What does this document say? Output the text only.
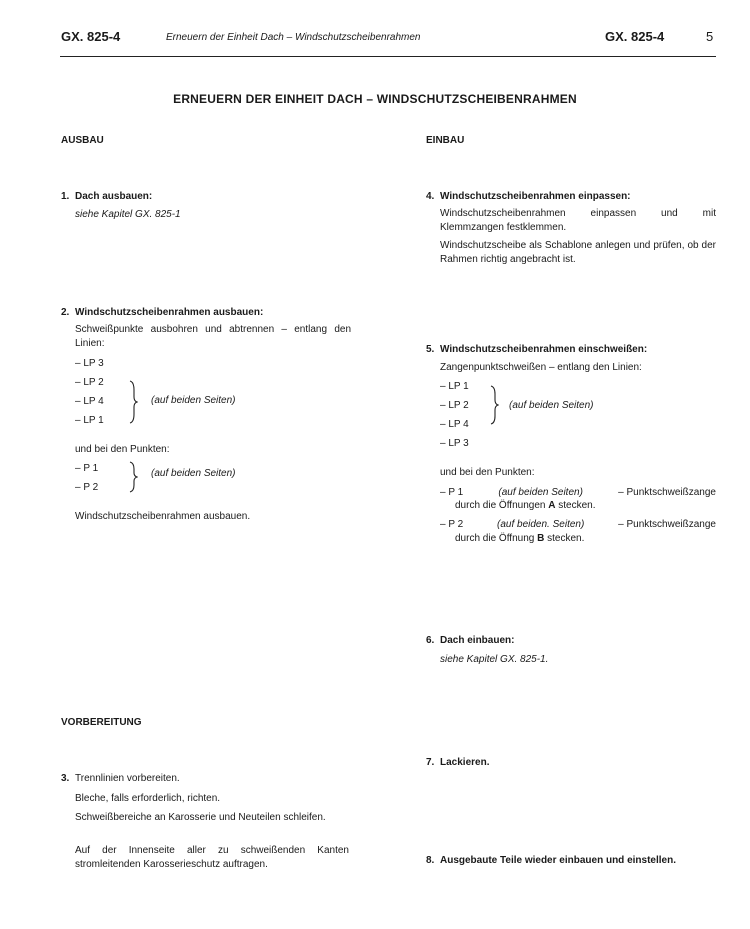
GX. 825-4	Erneuern der Einheit Dach – Windschutzscheibenrahmen	GX. 825-4	5
ERNEUERN DER EINHEIT DACH – WINDSCHUTZSCHEIBENRAHMEN
AUSBAU
1. Dach ausbauen:
siehe Kapitel GX. 825-1
2. Windschutzscheibenrahmen ausbauen:
Schweißpunkte ausbohren und abtrennen – entlang den Linien:
– LP 3
– LP 2
– LP 4
– LP 1
(auf beiden Seiten)
und bei den Punkten:
– P 1
– P 2
(auf beiden Seiten)
Windschutzscheibenrahmen ausbauen.
VORBEREITUNG
3. Trennlinien vorbereiten.
Bleche, falls erforderlich, richten.
Schweißbereiche an Karosserie und Neuteilen schleifen.
Auf der Innenseite aller zu schweißenden Kanten stromleitenden Karosserieschutz auftragen.
EINBAU
4. Windschutzscheibenrahmen einpassen:
Windschutzscheibenrahmen einpassen und mit Klemmzangen festklemmen.
Windschutzscheibe als Schablone anlegen und prüfen, ob der Rahmen richtig angebracht ist.
5. Windschutzscheibenrahmen einschweißen:
Zangenpunktschweißen – entlang den Linien:
– LP 1
– LP 2
– LP 4
– LP 3
(auf beiden Seiten)
und bei den Punkten:
– P 1	(auf beiden Seiten)	– Punktschweißzange
durch die Öffnungen A stecken.
– P 2	(auf beiden. Seiten)	– Punktschweißzange
durch die Öffnung B stecken.
6. Dach einbauen:
siehe Kapitel GX. 825-1.
7. Lackieren.
8. Ausgebaute Teile wieder einbauen und einstellen.
